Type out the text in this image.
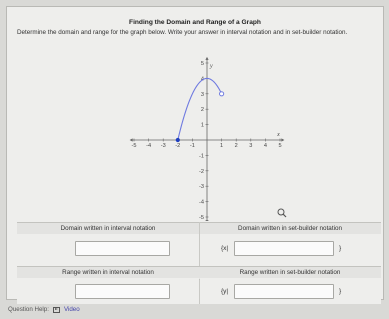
Finding the Domain and Range of a Graph
Determine the domain and range for the graph below. Write your answer in interval notation and in set-builder notation.
-5 -4 -3 -2 -1	1 2 3 4 5
5
4
3
2
1
-1
-2
-3
-4
-5
x
y
Domain written in interval notation	Domain written in set-builder notation
{x|	}
Range written in interval notation	Range written in set-builder notation
{y|	}
Question Help: Video
